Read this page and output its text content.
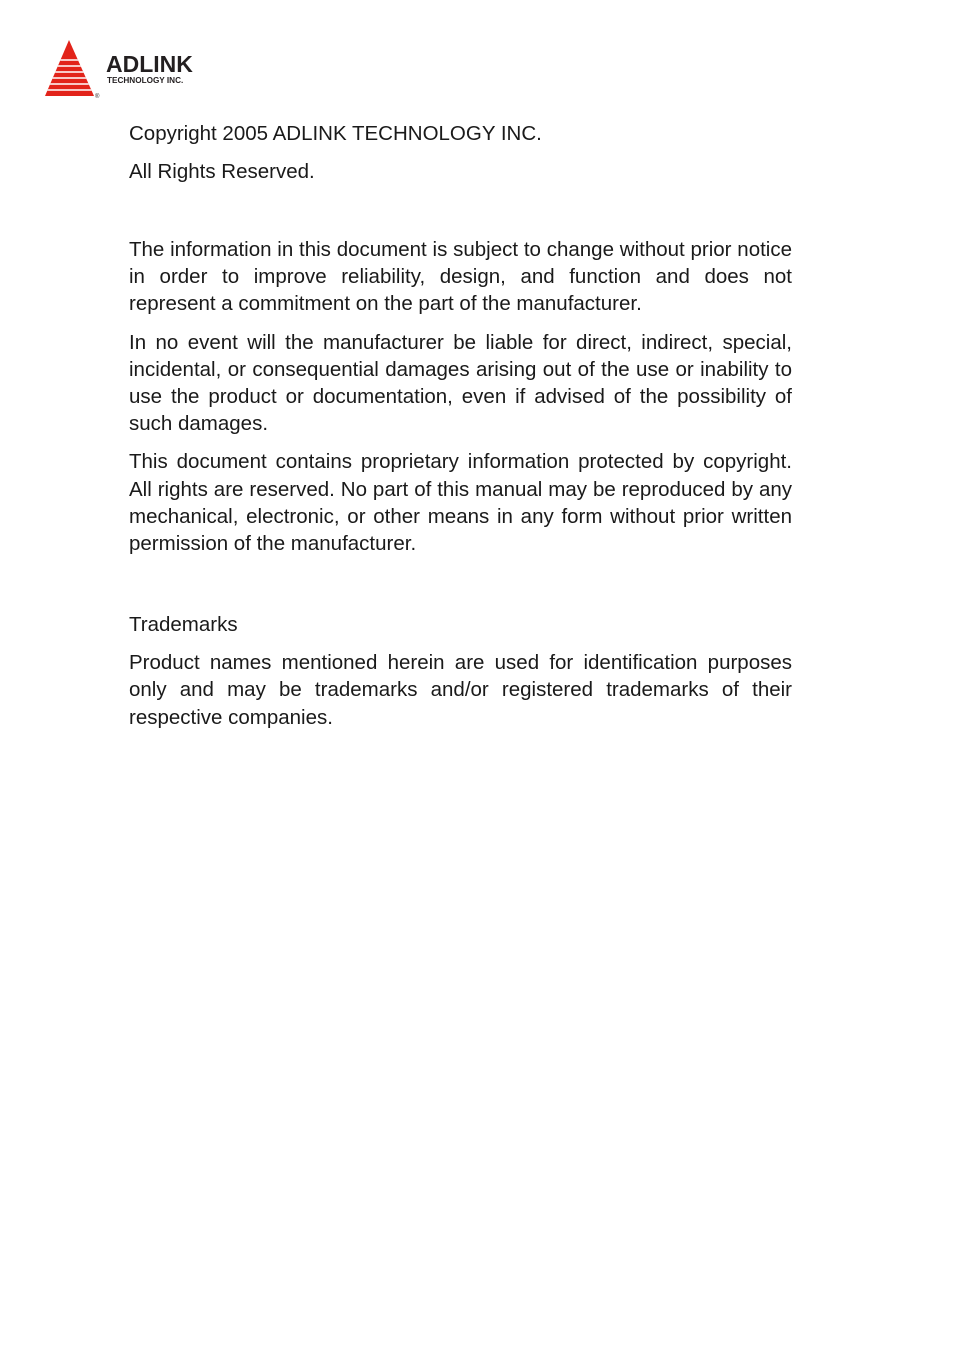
ADLINK
TECHNOLOGY INC.
®

Copyright 2005 ADLINK TECHNOLOGY INC.

All Rights Reserved.

The information in this document is subject to change without prior notice in order to improve reliability, design, and function and does not represent a commitment on the part of the manufacturer.

In no event will the manufacturer be liable for direct, indirect, special, incidental, or consequential damages arising out of the use or inability to use the product or documentation, even if advised of the possibility of such damages.

This document contains proprietary information protected by copyright. All rights are reserved. No part of this manual may be reproduced by any mechanical, electronic, or other means in any form without prior written permission of the manufacturer.

Trademarks

Product names mentioned herein are used for identification purposes only and may be trademarks and/or registered trademarks of their respective companies.
